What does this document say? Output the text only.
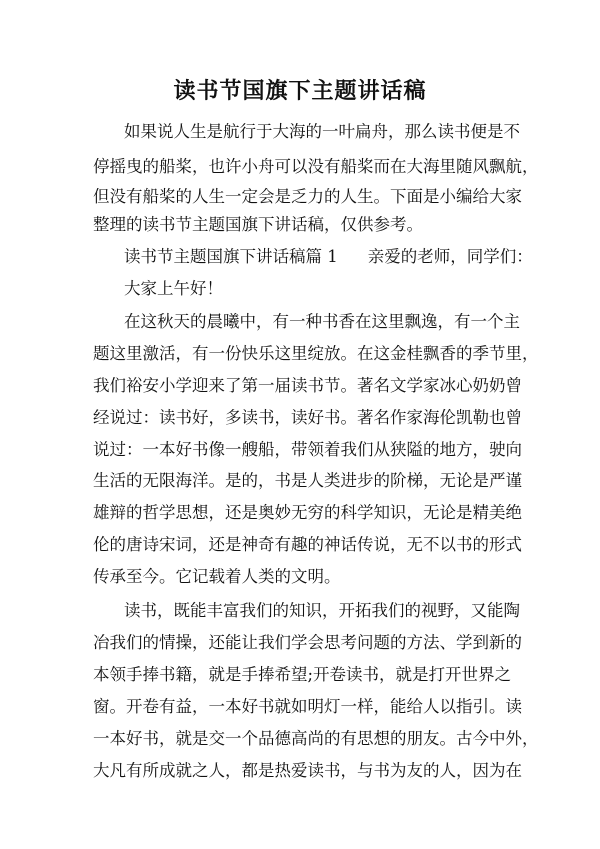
读书节国旗下主题讲话稿

如果说人生是航行于大海的一叶扁舟，那么读书便是不

停摇曳的船桨，也许小舟可以没有船桨而在大海里随风飘航，

但没有船桨的人生一定会是乏力的人生。下面是小编给大家

整理的读书节主题国旗下讲话稿，仅供参考。

读书节主题国旗下讲话稿篇 1 亲爱的老师，同学们：

大家上午好！

在这秋天的晨曦中，有一种书香在这里飘逸，有一个主

题这里激活，有一份快乐这里绽放。在这金桂飘香的季节里，

我们裕安小学迎来了第一届读书节。著名文学家冰心奶奶曾

经说过：读书好，多读书，读好书。著名作家海伦凯勒也曾

说过：一本好书像一艘船，带领着我们从狭隘的地方，驶向

生活的无限海洋。是的，书是人类进步的阶梯，无论是严谨

雄辩的哲学思想，还是奥妙无穷的科学知识，无论是精美绝

伦的唐诗宋词，还是神奇有趣的神话传说，无不以书的形式

传承至今。它记载着人类的文明。

读书，既能丰富我们的知识，开拓我们的视野，又能陶

冶我们的情操，还能让我们学会思考问题的方法、学到新的

本领手捧书籍，就是手捧希望;开卷读书，就是打开世界之

窗。开卷有益，一本好书就如明灯一样，能给人以指引。读

一本好书，就是交一个品德高尚的有思想的朋友。古今中外，

大凡有所成就之人，都是热爱读书，与书为友的人，因为在
